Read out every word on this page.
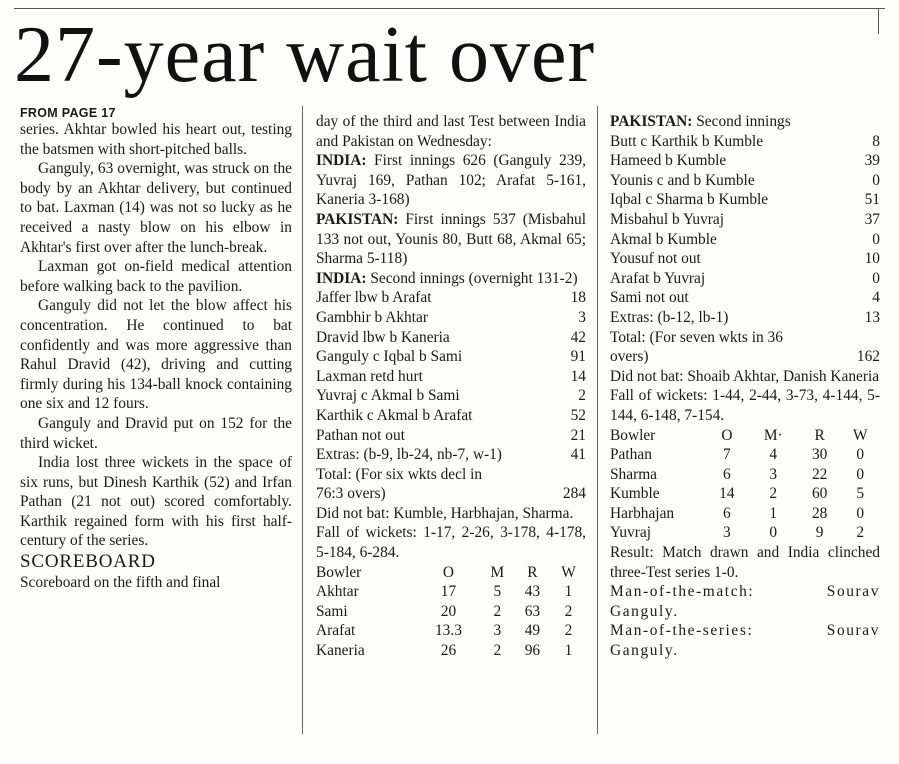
27-year wait over
FROM PAGE 17

series. Akhtar bowled his heart out, testing the batsmen with short-pitched balls.

Ganguly, 63 overnight, was struck on the body by an Akhtar delivery, but continued to bat. Laxman (14) was not so lucky as he received a nasty blow on his elbow in Akhtar's first over after the lunch-break.

Laxman got on-field medical attention before walking back to the pavilion.

Ganguly did not let the blow affect his concentration. He continued to bat confidently and was more aggressive than Rahul Dravid (42), driving and cutting firmly during his 134-ball knock containing one six and 12 fours.

Ganguly and Dravid put on 152 for the third wicket.

India lost three wickets in the space of six runs, but Dinesh Karthik (52) and Irfan Pathan (21 not out) scored comfortably. Karthik regained form with his first half-century of the series.

SCOREBOARD

Scoreboard on the fifth and final

day of the third and last Test between India and Pakistan on Wednesday:

INDIA: First innings 626 (Ganguly 239, Yuvraj 169, Pathan 102; Arafat 5-161, Kaneria 3-168)

PAKISTAN: First innings 537 (Misbahul 133 not out, Younis 80, Butt 68, Akmal 65; Sharma 5-118)

INDIA: Second innings (overnight 131-2)

Jaffer lbw b Arafat	18
Gambhir b Akhtar	3
Dravid lbw b Kaneria	42
Ganguly c Iqbal b Sami	91
Laxman retd hurt	14
Yuvraj c Akmal b Sami	2
Karthik c Akmal b Arafat	52
Pathan not out	21
Extras: (b-9, lb-24, nb-7, w-1)	41
Total: (For six wkts decl in
76:3 overs)	284

Did not bat: Kumble, Harbhajan, Sharma.

Fall of wickets: 1-17, 2-26, 3-178, 4-178, 5-184, 6-284.

Bowler	O	M	R	W
Akhtar	17	5	43	1
Sami	20	2	63	2
Arafat	13.3	3	49	2
Kaneria	26	2	96	1
PAKISTAN: Second innings
Butt c Karthik b Kumble	8
Hameed b Kumble	39
Younis c and b Kumble	0
Iqbal c Sharma b Kumble	51
Misbahul b Yuvraj	37
Akmal b Kumble	0
Yousuf not out	10
Arafat b Yuvraj	0
Sami not out	4
Extras: (b-12, lb-1)	13
Total: (For seven wkts in 36
overs)	162

Did not bat: Shoaib Akhtar, Danish Kaneria

Fall of wickets: 1-44, 2-44, 3-73, 4-144, 5-144, 6-148, 7-154.

Bowler	O	M·	R	W
Pathan	7	4	30	0
Sharma	6	3	22	0
Kumble	14	2	60	5
Harbhajan	6	1	28	0
Yuvraj	3	0	9	2

Result: Match drawn and India clinched three-Test series 1-0.

Man-of-the-match: Sourav Ganguly.

Man-of-the-series: Sourav Ganguly.
